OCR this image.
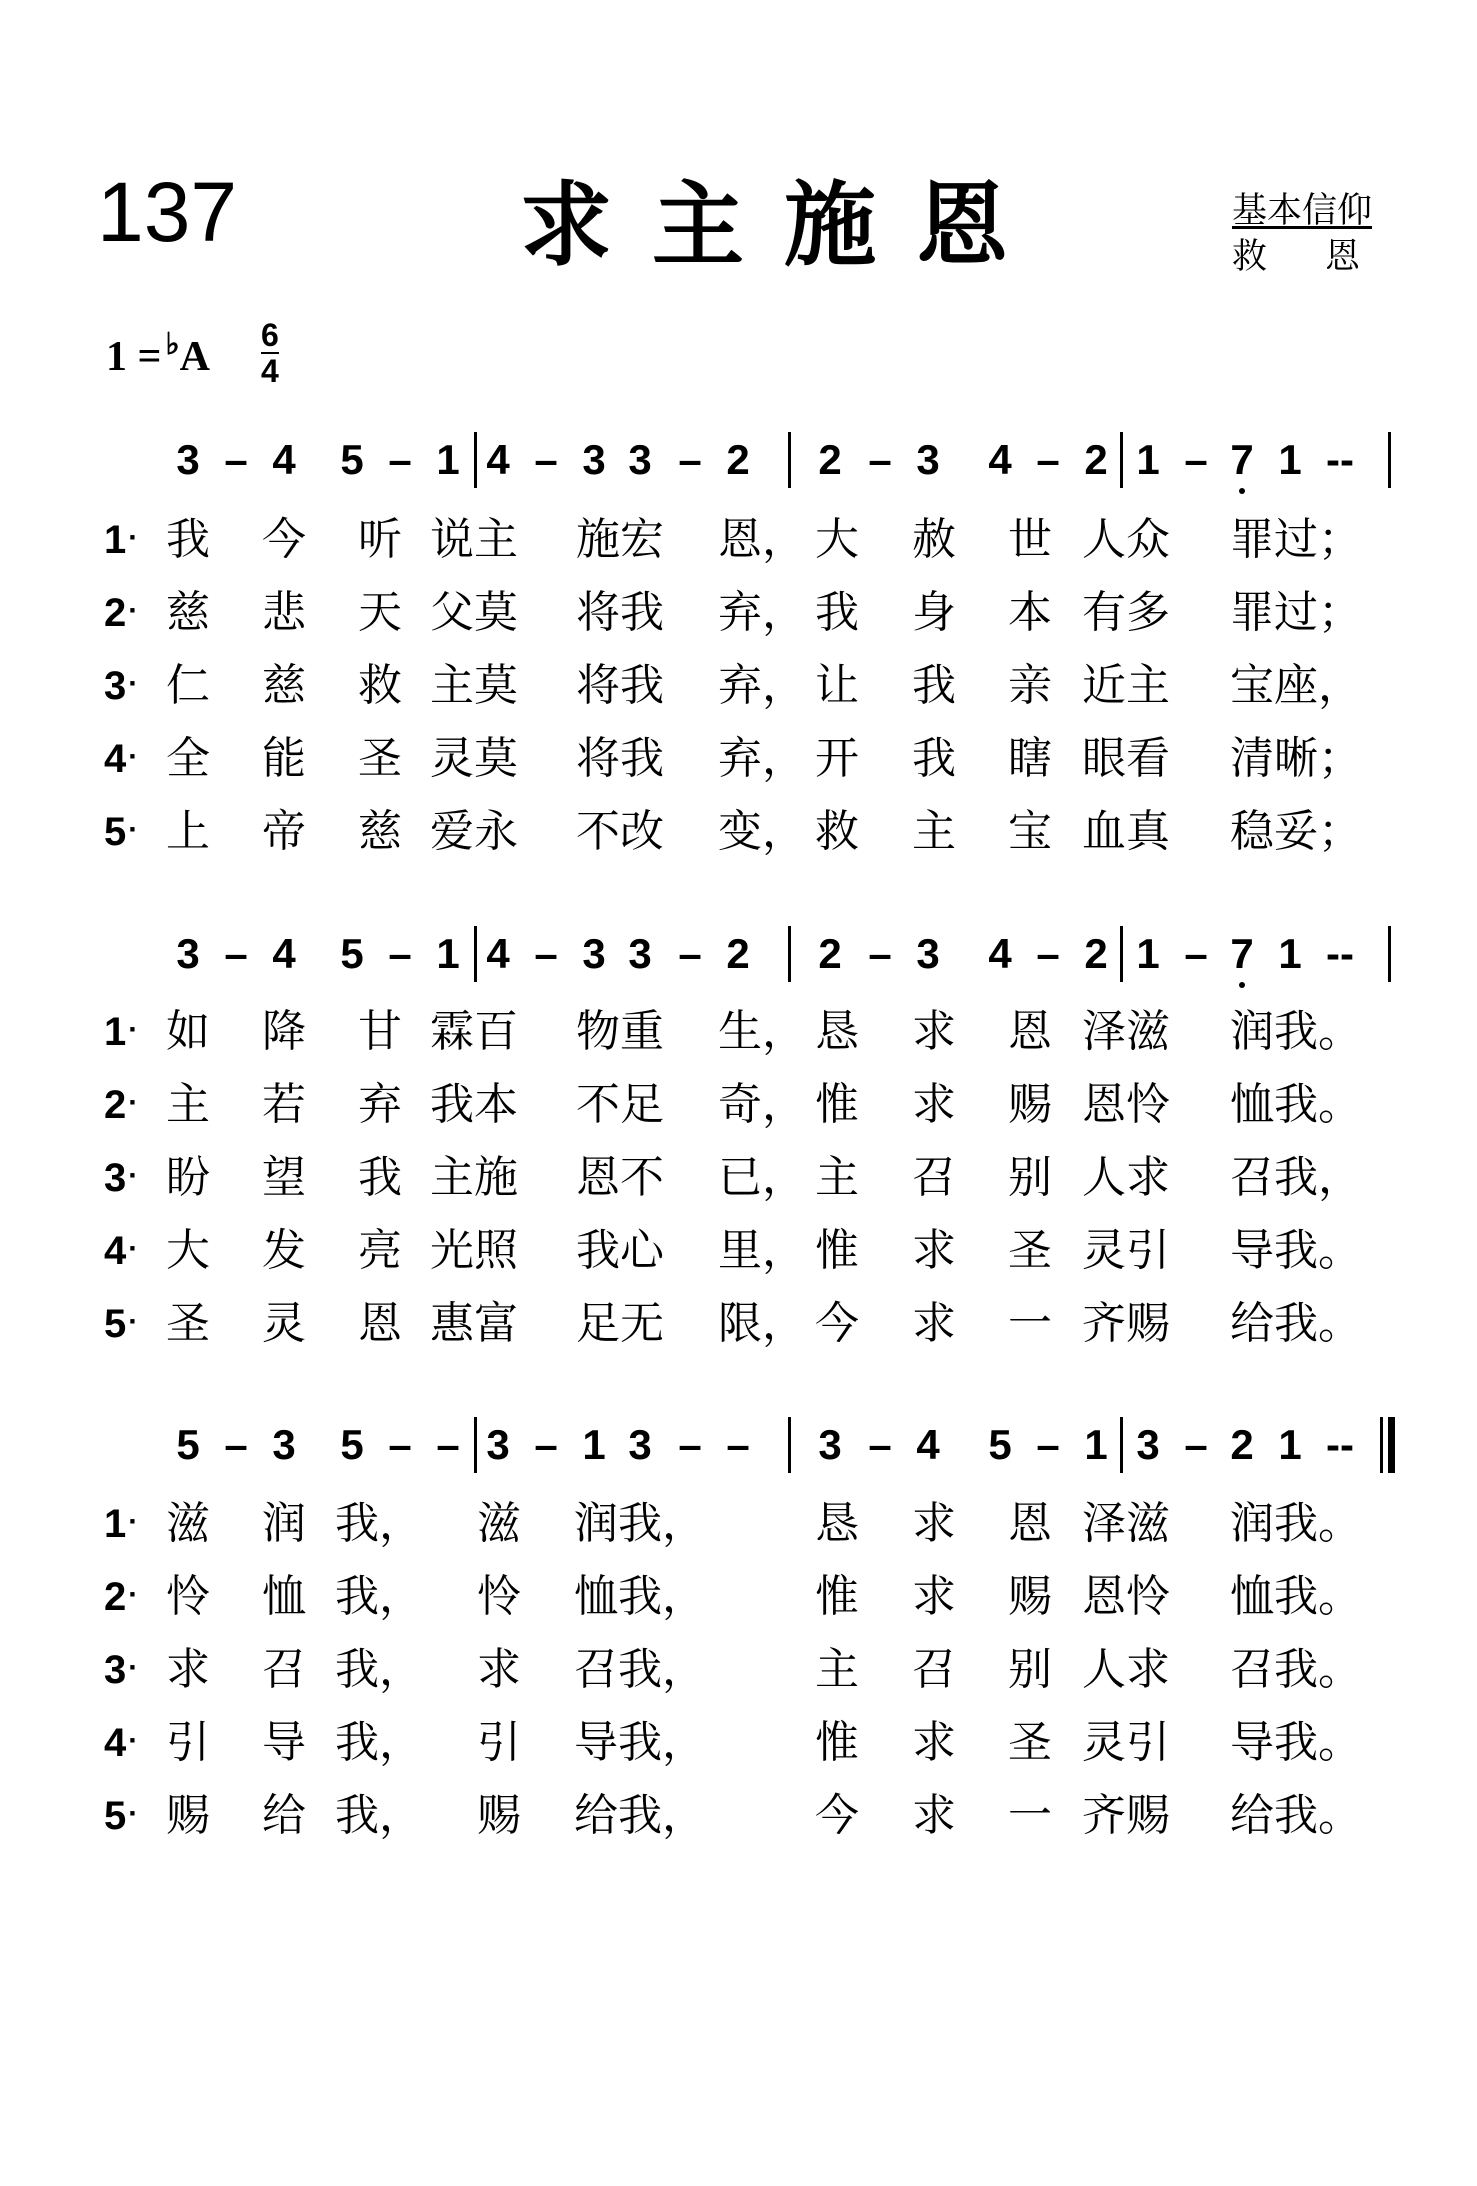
137	求主施恩	基本信仰
救恩
$1 = ^♭A \frac{6}{4}$
3 – 4 5 – 1 4 – 3 3 – 2 2 – 3 4 – 2 1 – 7 1 --
3 – 4 5 – 1 4 – 3 3 – 2 2 – 3 4 – 2 1 – 7 1 --
5 – 3 5 – – 3 – 1 3 – – 3 – 4 5 – 1 3 – 2 1 --
1· 我 今 听 说主 施宏 恩， 大 赦 世 人众 罪过；
2· 慈 悲 天 父莫 将我 弃， 我 身 本 有多 罪过；
3· 仁 慈 救 主莫 将我 弃， 让 我 亲 近主 宝座，
4· 全 能 圣 灵莫 将我 弃， 开 我 瞎 眼看 清晰；
5· 上 帝 慈 爱永 不改 变， 救 主 宝 血真 稳妥；
1· 如 降 甘 霖百 物重 生， 恳 求 恩 泽滋 润我。
2· 主 若 弃 我本 不足 奇， 惟 求 赐 恩怜 恤我。
3· 盼 望 我 主施 恩不 已， 主 召 别 人求 召我，
4· 大 发 亮 光照 我心 里， 惟 求 圣 灵引 导我。
5· 圣 灵 恩 惠富 足无 限， 今 求 一 齐赐 给我。
1· 滋 润 我， 滋 润我， 恳 求 恩 泽滋 润我。
2· 怜 恤 我， 怜 恤我， 惟 求 赐 恩怜 恤我。
3· 求 召 我， 求 召我， 主 召 别 人求 召我。
4· 引 导 我， 引 导我， 惟 求 圣 灵引 导我。
5· 赐 给 我， 赐 给我， 今 求 一 齐赐 给我。
